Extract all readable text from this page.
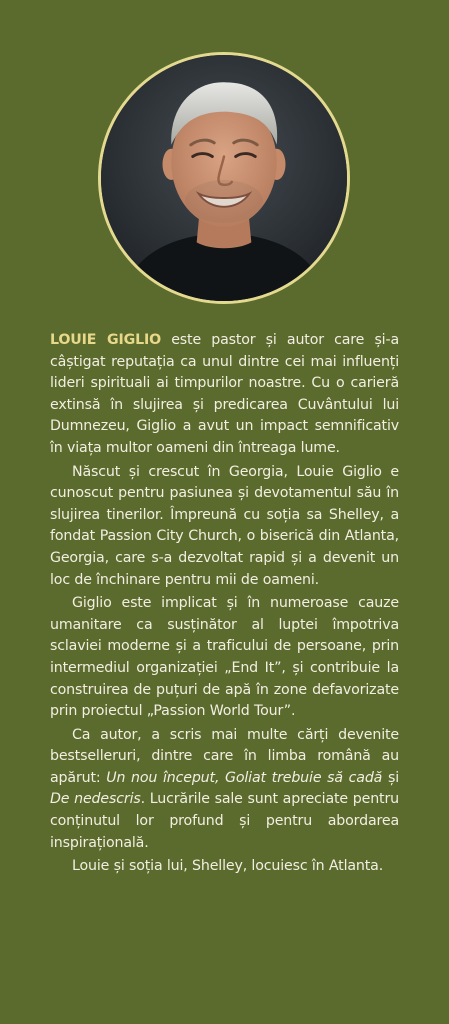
LOUIE GIGLIO este pastor și autor care și-a câștigat reputația ca unul dintre cei mai influenți lideri spirituali ai timpurilor noastre. Cu o carieră extinsă în slujirea și predicarea Cuvântului lui Dumnezeu, Giglio a avut un impact semnificativ în viața multor oameni din întreaga lume.

Născut și crescut în Georgia, Louie Giglio e cunoscut pentru pasiunea și devotamentul său în slujirea tinerilor. Împreună cu soția sa Shelley, a fondat Passion City Church, o biserică din Atlanta, Georgia, care s-a dezvoltat rapid și a devenit un loc de închinare pentru mii de oameni.

Giglio este implicat și în numeroase cauze umanitare ca susținător al luptei împotriva sclaviei moderne și a traficului de persoane, prin intermediul organizației „End It”, și contribuie la construirea de puțuri de apă în zone defavorizate prin proiectul „Passion World Tour”.

Ca autor, a scris mai multe cărți devenite bestselleruri, dintre care în limba română au apărut: Un nou început, Goliat trebuie să cadă și De nedescris. Lucrările sale sunt apreciate pentru conținutul lor profund și pentru abordarea inspirațională.

Louie și soția lui, Shelley, locuiesc în Atlanta.
